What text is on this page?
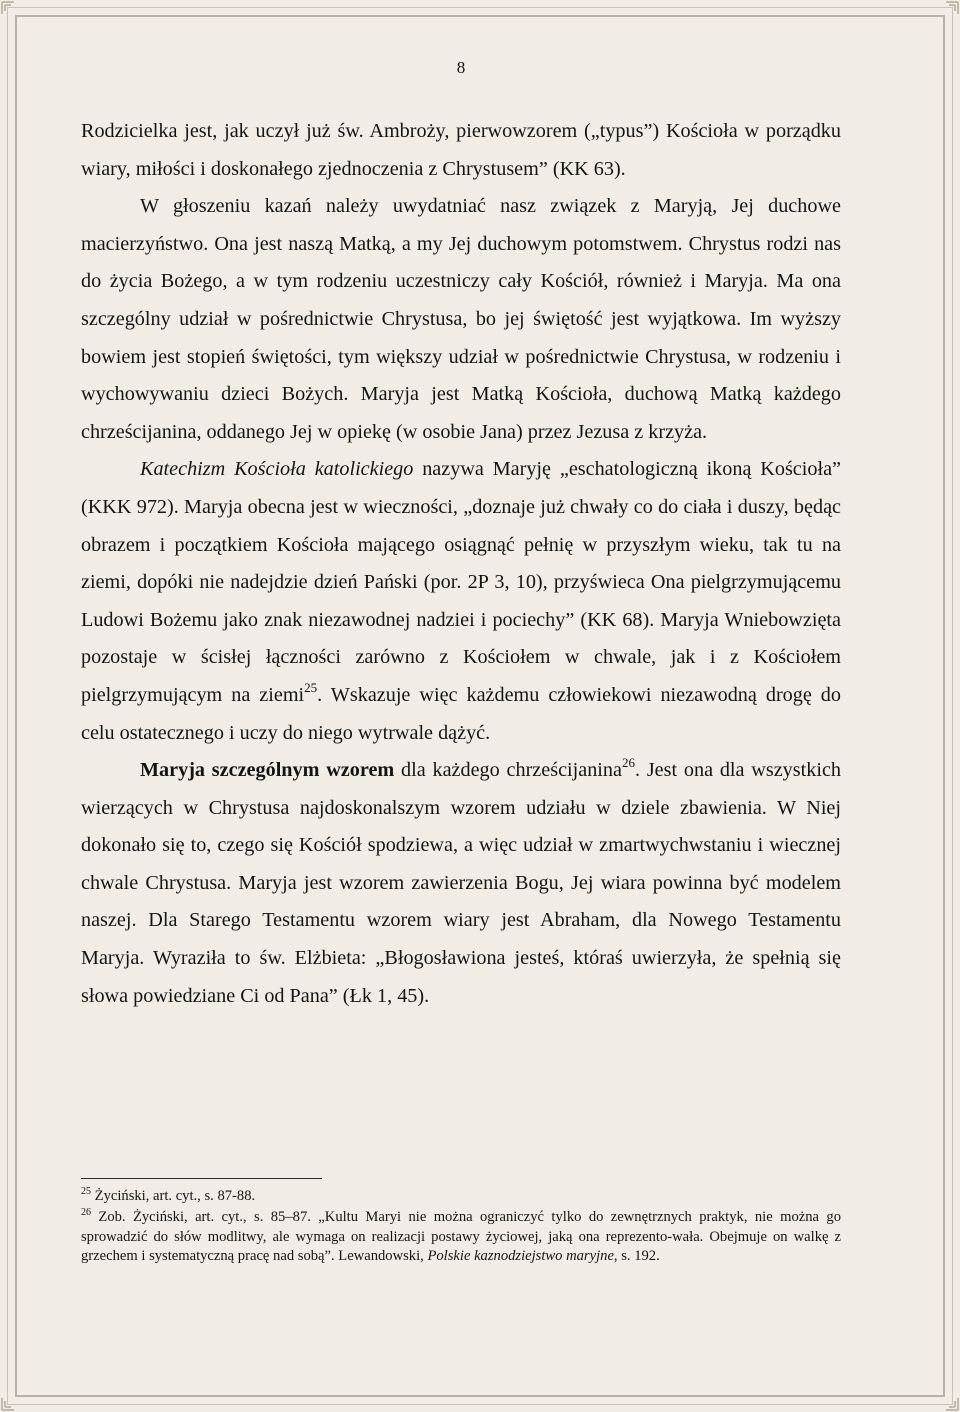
8

Rodzicielka jest, jak uczył już św. Ambroży, pierwowzorem („typus”) Kościoła w porządku wiary, miłości i doskonałego zjednoczenia z Chrystusem” (KK 63).

W głoszeniu kazań należy uwydatniać nasz związek z Maryją, Jej duchowe macierzyństwo. Ona jest naszą Matką, a my Jej duchowym potomstwem. Chrystus rodzi nas do życia Bożego, a w tym rodzeniu uczestniczy cały Kościół, również i Maryja. Ma ona szczególny udział w pośrednictwie Chrystusa, bo jej świętość jest wyjątkowa. Im wyższy bowiem jest stopień świętości, tym większy udział w pośrednictwie Chrystusa, w rodzeniu i wychowywaniu dzieci Bożych. Maryja jest Matką Kościoła, duchową Matką każdego chrześcijanina, oddanego Jej w opiekę (w osobie Jana) przez Jezusa z krzyża.

Katechizm Kościoła katolickiego nazywa Maryję „eschatologiczną ikoną Kościoła” (KKK 972). Maryja obecna jest w wieczności, „doznaje już chwały co do ciała i duszy, będąc obrazem i początkiem Kościoła mającego osiągnąć pełnię w przyszłym wieku, tak tu na ziemi, dopóki nie nadejdzie dzień Pański (por. 2P 3, 10), przyświeca Ona pielgrzymującemu Ludowi Bożemu jako znak niezawodnej nadziei i pociechy” (KK 68). Maryja Wniebowzięta pozostaje w ścisłej łączności zarówno z Kościołem w chwale, jak i z Kościołem pielgrzymującym na ziemi$^{25}$. Wskazuje więc każdemu człowiekowi niezawodną drogę do celu ostatecznego i uczy do niego wytrwale dążyć.

Maryja szczególnym wzorem dla każdego chrześcijanina$^{26}$. Jest ona dla wszystkich wierzących w Chrystusa najdoskonalszym wzorem udziału w dziele zbawienia. W Niej dokonało się to, czego się Kościół spodziewa, a więc udział w zmartwychwstaniu i wiecznej chwale Chrystusa. Maryja jest wzorem zawierzenia Bogu, Jej wiara powinna być modelem naszej. Dla Starego Testamentu wzorem wiary jest Abraham, dla Nowego Testamentu Maryja. Wyraziła to św. Elżbieta: „Błogosławiona jesteś, któraś uwierzyła, że spełnią się słowa powiedziane Ci od Pana” (Łk 1, 45).

$^{25}$ Życiński, art. cyt., s. 87-88.

$^{26}$ Zob. Życiński, art. cyt., s. 85–87. „Kultu Maryi nie można ograniczyć tylko do zewnętrznych praktyk, nie można go sprowadzić do słów modlitwy, ale wymaga on realizacji postawy życiowej, jaką ona reprezento-wała. Obejmuje on walkę z grzechem i systematyczną pracę nad sobą”. Lewandowski, Polskie kaznodziejstwo maryjne, s. 192.
